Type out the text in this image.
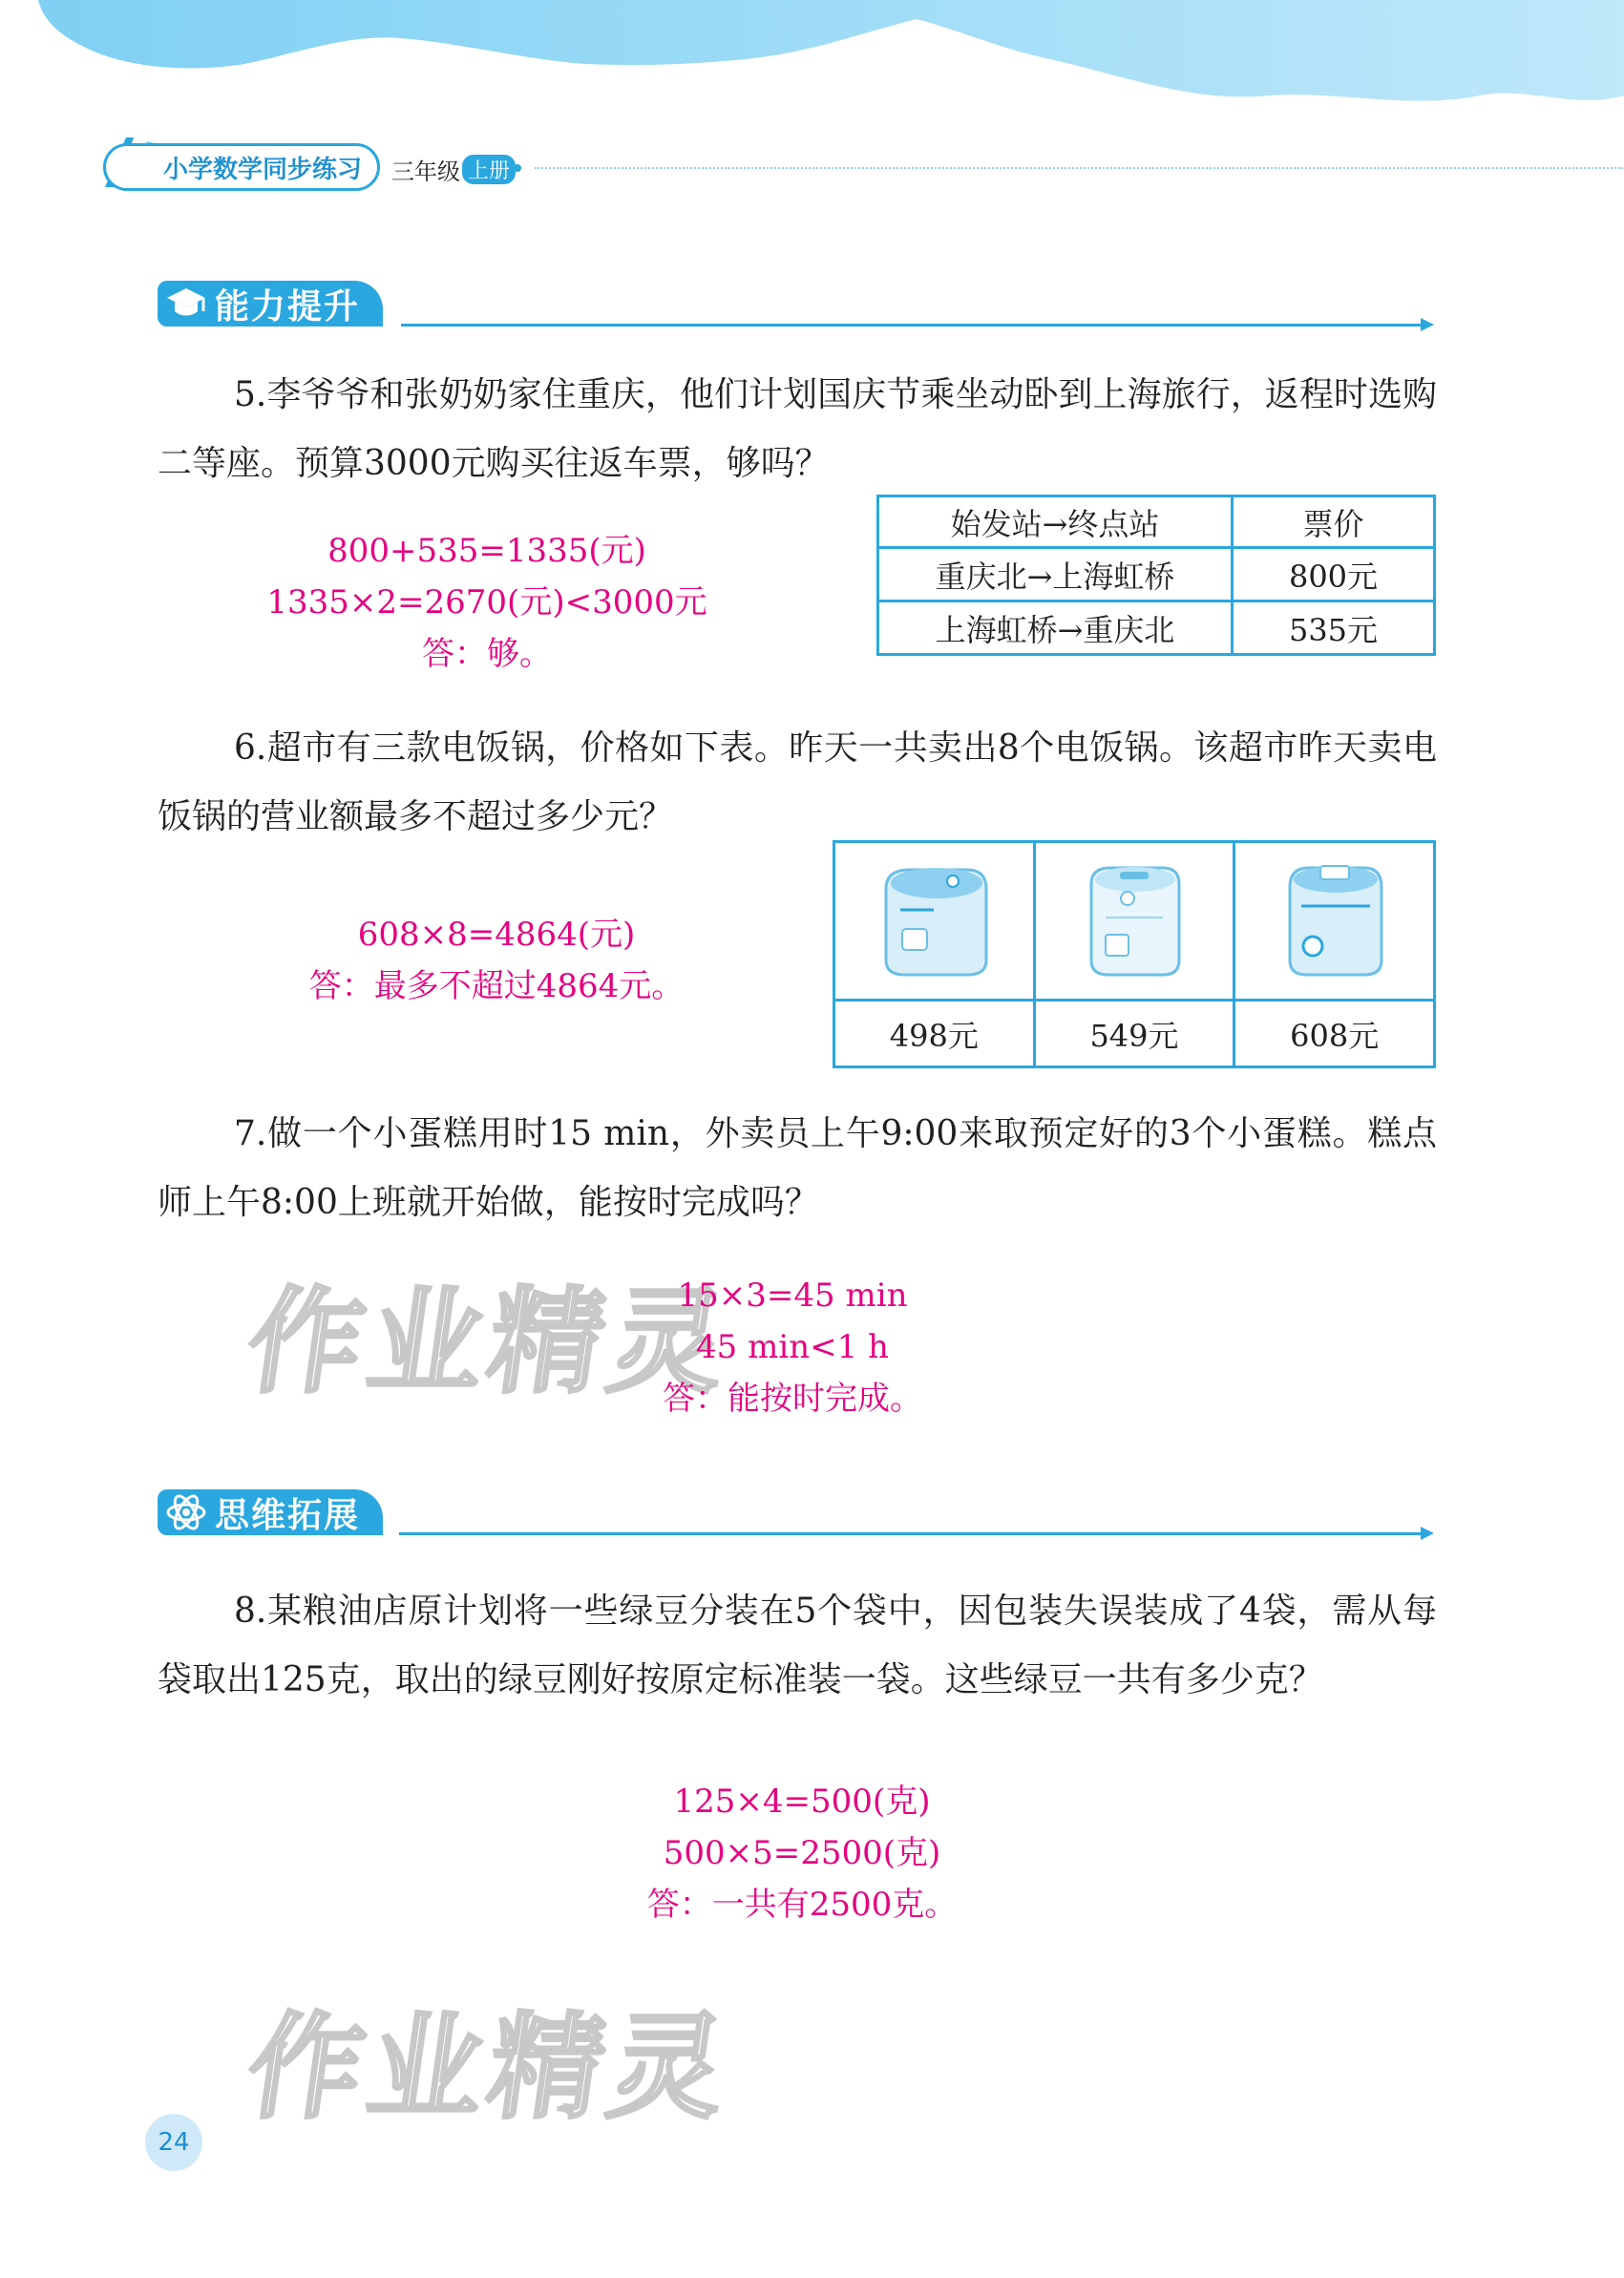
小学数学同步练习 三年级 上册
能力提升
5.李爷爷和张奶奶家住重庆，他们计划国庆节乘坐动卧到上海旅行，返程时选购二等座。预算3000元购买往返车票，够吗？
始发站→终点站	票价
重庆北→上海虹桥	800元
上海虹桥→重庆北	535元
800+535=1335(元)
1335×2=2670(元)<3000元
答：够。
6.超市有三款电饭锅，价格如下表。昨天一共卖出8个电饭锅。该超市昨天卖电饭锅的营业额最多不超过多少元？

498元	549元	608元
608×8=4864(元)
答：最多不超过4864元。
7.做一个小蛋糕用时15 min，外卖员上午9:00来取预定好的3个小蛋糕。糕点师上午8:00上班就开始做，能按时完成吗？
作业精灵
15×3=45 min
45 min<1 h
答：能按时完成。
思维拓展
8.某粮油店原计划将一些绿豆分装在5个袋中，因包装失误装成了4袋，需从每袋取出125克，取出的绿豆刚好按原定标准装一袋。这些绿豆一共有多少克？
125×4=500(克)
500×5=2500(克)
答：一共有2500克。
作业精灵
24
